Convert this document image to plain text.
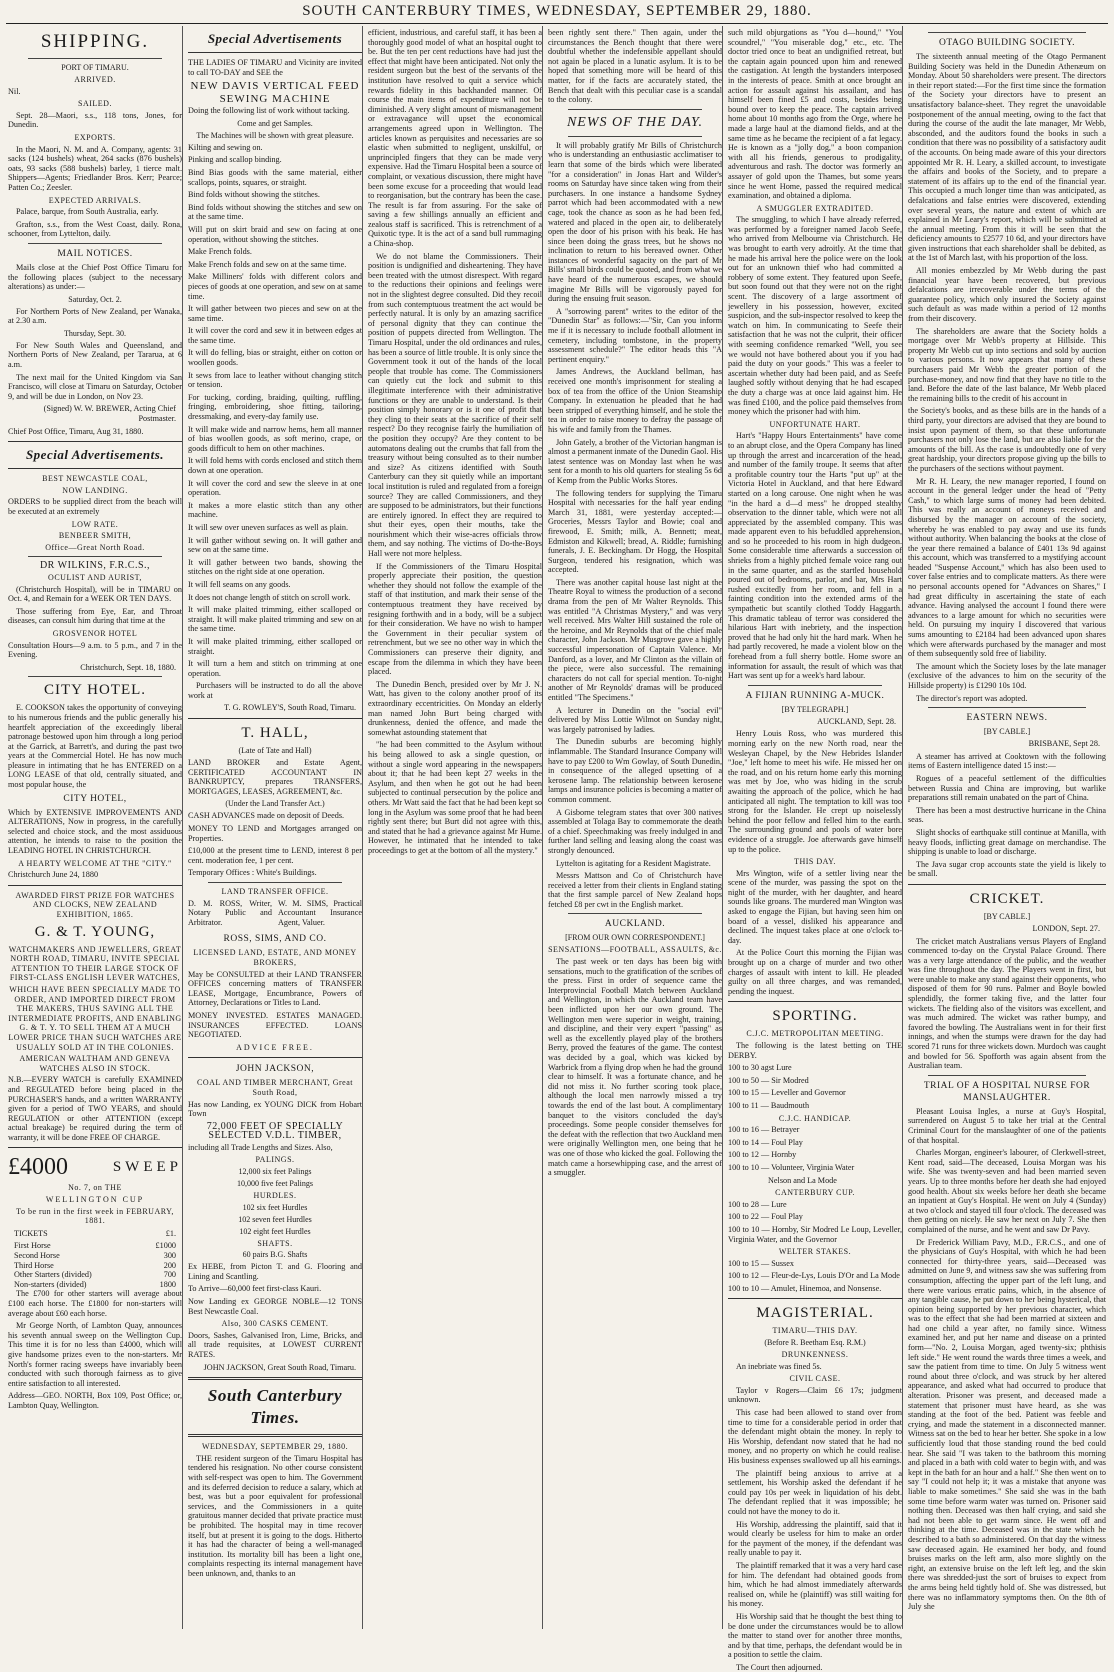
SOUTH CANTERBURY TIMES, WEDNESDAY, SEPTEMBER 29, 1880.
SHIPPING.
PORT OF TIMARU.
ARRIVED.

Nil.

SAILED.

Sept. 28—Maori, s.s., 118 tons, Jones, for Dunedin.

EXPORTS.

In the Maori, N. M. and A. Company, agents: 31 sacks (124 bushels) wheat, 264 sacks (876 bushels) oats, 93 sacks (588 bushels) barley, 1 tierce malt. Shippers—Agents; Friedlander Bros. Kerr; Pearce; Patten Co.; Zeesler.

EXPECTED ARRIVALS.

Palace, barque, from South Australia, early.

Grafton, s.s., from the West Coast, daily. Rona, schooner, from Lyttelton, daily.

MAIL NOTICES.

Mails close at the Chief Post Office Timaru for the following places (subject to the necessary alterations) as under:—

Saturday, Oct. 2.

For Northern Ports of New Zealand, per Wanaka, at 2.30 a.m.

Thursday, Sept. 30.

For New South Wales and Queensland, and Northern Ports of New Zealand, per Tararua, at 6 a.m.

The next mail for the United Kingdom via San Francisco, will close at Timaru on Saturday, October 9, and will be due in London, on Nov 23.

(Signed) W. W. BREWER, Acting Chief Postmaster.

Chief Post Office, Timaru, Aug 31, 1880.

Special Advertisements.
BEST NEWCASTLE COAL,
NOW LANDING.

ORDERS to be supplied direct from the beach will be executed at an extremely

LOW RATE.
BENBEER SMITH,
Office—Great North Road.
DR WILKINS, F.R.C.S.,
OCULIST AND AURIST,

(Christchurch Hospital), will be in TIMARU on Oct. 4, and Remain for a WEEK OR TEN DAYS.

Those suffering from Eye, Ear, and Throat diseases, can consult him during that time at the

GROSVENOR HOTEL

Consultation Hours—9 a.m. to 5 p.m., and 7 in the Evening.

Christchurch, Sept. 18, 1880.

CITY HOTEL.

E. COOKSON takes the opportunity of conveying to his numerous friends and the public generally his heartfelt appreciation of the exceedingly liberal patronage bestowed upon him through a long period at the Garrick, at Barrett's, and during the past two years at the Commercial Hotel. He has now much pleasure in intimating that he has ENTERED on a LONG LEASE of that old, centrally situated, and most popular house, the

CITY HOTEL,

Which by EXTENSIVE IMPROVEMENTS AND ALTERATIONS, Now in progress, in the carefully selected and choice stock, and the most assiduous attention, he intends to raise to the position the LEADING HOTEL IN CHRISTCHURCH.

A HEARTY WELCOME AT THE "CITY."

Christchurch June 24, 1880

AWARDED FIRST PRIZE FOR WATCHES AND CLOCKS, NEW ZEALAND EXHIBITION, 1865.
G. & T. YOUNG,
WATCHMAKERS AND JEWELLERS, GREAT NORTH ROAD, TIMARU, INVITE SPECIAL ATTENTION TO THEIR LARGE STOCK OF FIRST-CLASS ENGLISH LEVER WATCHES,
WHICH HAVE BEEN SPECIALLY MADE TO ORDER, AND IMPORTED DIRECT FROM THE MAKERS, THUS SAVING ALL THE INTERMEDIATE PROFITS, AND ENABLING G. & T. Y. TO SELL THEM AT A MUCH LOWER PRICE THAN SUCH WATCHES ARE USUALLY SOLD AT IN THE COLONIES.
AMERICAN WALTHAM AND GENEVA WATCHES ALSO IN STOCK.

N.B.—EVERY WATCH is carefully EXAMINED and REGULATED before being placed in the PURCHASER'S hands, and a written WARRANTY given for a period of TWO YEARS, and should REGULATION or other ATTENTION (except actual breakage) be required during the term of warranty, it will be done FREE OF CHARGE.

£4000	SWEEP
No. 7, on THE
WELLINGTON CUP
To be run in the first week in FEBRUARY, 1881.
TICKETS	£1.
First Horse	£1000
Second Horse	300
Third Horse	200
Other Starters (divided)	700
Non-starters (divided)	1800

The £700 for other starters will average about £100 each horse. The £1800 for non-starters will average about £60 each horse.

Mr George North, of Lambton Quay, announces his seventh annual sweep on the Wellington Cup. This time it is for no less than £4000, which will give handsome prizes even to the non-starters. Mr North's former racing sweeps have invariably been conducted with such thorough fairness as to give entire satisfaction to all interested.

Address—GEO. NORTH, Box 109, Post Office; or, Lambton Quay, Wellington.

Special Advertisements

THE LADIES OF TIMARU and Vicinity are invited to call TO-DAY and SEE the

NEW DAVIS VERTICAL FEED SEWING MACHINE

Doing the following list of work without tacking.

Come and get Samples.
The Machines will be shown with great pleasure.

Kilting and sewing on.

Pinking and scallop binding.

Bind Bias goods with the same material, either scallops, points, squares, or straight.

Bind folds without showing the stitches.

Bind folds without showing the stitches and sew on at the same time.

Will put on skirt braid and sew on facing at one operation, without showing the stitches.

Make French folds.

Make French folds and sew on at the same time.

Make Milliners' folds with different colors and pieces of goods at one operation, and sew on at same time.

It will gather between two pieces and sew on at the same time.

It will cover the cord and sew it in between edges at the same time.

It will do felling, bias or straight, either on cotton or woollen goods.

It sews from lace to leather without changing stitch or tension.

For tucking, cording, braiding, quilting, ruffling, fringing, embroidering, shoe fitting, tailoring, dressmaking, and every-day family use.

It will make wide and narrow hems, hem all manner of bias woollen goods, as soft merino, crape, or goods difficult to hem on other machines.

It will fold hems with cords enclosed and stitch them down at one operation.

It will cover the cord and sew the sleeve in at one operation.

It makes a more elastic stitch than any other machine.

It will sew over uneven surfaces as well as plain.

It will gather without sewing on. It will gather and sew on at the same time.

It will gather between two bands, showing the stitches on the right side at one operation.

It will fell seams on any goods.

It does not change length of stitch on scroll work.

It will make plaited trimming, either scalloped or straight. It will make plaited trimming and sew on at the same time.

It will make plaited trimming, either scalloped or straight.

It will turn a hem and stitch on trimming at one operation.

Purchasers will be instructed to do all the above work at

T. G. ROWLEY'S, South Road, Timaru.

T. HALL,
(Late of Tate and Hall)

LAND BROKER and Estate Agent, CERTIFICATED ACCOUNTANT IN BANKRUPTCY, prepares TRANSFERS, MORTGAGES, LEASES, AGREEMENT, &c.

(Under the Land Transfer Act.)

CASH ADVANCES made on deposit of Deeds.

MONEY TO LEND and Mortgages arranged on Properties.

£10,000 at the present time to LEND, interest 8 per cent. moderation fee, 1 per cent.

Temporary Offices : White's Buildings.

LAND TRANSFER OFFICE.

D. M. ROSS, Writer, Notary Public and Arbitrator.

W. M. SIMS, Practical Accountant Insurance Agent, Valuer.

ROSS, SIMS, AND CO.
LICENSED LAND, ESTATE, AND MONEY BROKERS,

May be CONSULTED at their LAND TRANSFER OFFICES concerning matters of TRANSFER LEASE, Mortgage, Encumbrance, Powers of Attorney, Declarations or Titles to Land.

MONEY INVESTED. ESTATES MANAGED. INSURANCES EFFECTED. LOANS NEGOTIATED.

ADVICE FREE.
JOHN JACKSON,
COAL AND TIMBER MERCHANT, Great South Road,

Has now Landing, ex YOUNG DICK from Hobart Town

72,000 FEET OF SPECIALLY SELECTED V.D.L. TIMBER,

including all Trade Lengths and Sizes. Also,

PALINGS.
12,000 six feet Palings
10,000 five feet Palings
HURDLES.
102 six feet Hurdles
102 seven feet Hurdles
102 eight feet Hurdles
SHAFTS.
60 pairs B.G. Shafts

Ex HEBE, from Picton T. and G. Flooring and Lining and Scantling.

To Arrive—60,000 feet first-class Kauri.

Now Landing ex GEORGE NOBLE—12 TONS Best Newcastle Coal.

Also, 300 CASKS CEMENT.

Doors, Sashes, Galvanised Iron, Lime, Bricks, and all trade requisites, at LOWEST CURRENT RATES.

JOHN JACKSON, Great South Road, Timaru.

South Canterbury Times.
WEDNESDAY, SEPTEMBER 29, 1880.

THE resident surgeon of the Timaru Hospital has tendered his resignation. No other course consistent with self-respect was open to him. The Government and its deferred decision to reduce a salary, which at best, was but a poor equivalent for professional services, and the Commissioners in a quite gratuitous manner decided that private practice must be prohibited. The hospital may in time recover itself, but at present it is going to the dogs. Hitherto it has had the character of being a well-managed institution. Its mortality bill has been a light one, complaints respecting its internal management have been unknown, and, thanks to an

efficient, industrious, and careful staff, it has been a thoroughly good model of what an hospital ought to be. But the ten per cent reductions have had just the effect that might have been anticipated. Not only the resident surgeon but the best of the servants of the institution have resolved to quit a service which rewards fidelity in this backhanded manner. Of course the main items of expenditure will not be diminished. A very slight amount of mismanagement or extravagance will upset the economical arrangements agreed upon in Wellington. The articles known as perquisites and necessaries are so elastic when submitted to negligent, unskilful, or unprincipled fingers that they can be made very expensive. Had the Timaru Hospital been a source of complaint, or vexatious discussion, there might have been some excuse for a proceeding that would lead to reorganisation, but the contrary has been the case. The result is far from assuring. For the sake of saving a few shillings annually an efficient and zealous staff is sacrificed. This is retrenchment of a Quixotic type. It is the act of a sand bull rummaging a China-shop.

We do not blame the Commissioners. Their position is undignified and disheartening. They have been treated with the utmost disrespect. With regard to the reductions their opinions and feelings were not in the slightest degree consulted. Did they recoil from such contemptuous treatment the act would be perfectly natural. It is only by an amazing sacrifice of personal dignity that they can continue the position of puppets directed from Wellington. The Timaru Hospital, under the old ordinances and rules, has been a source of little trouble. It is only since the Government took it out of the hands of the local people that trouble has come. The Commissioners can quietly cut the lock and submit to this illegitimate interference with their administrative functions or they are unable to understand. Is their position simply honorary or is it one of profit that they cling to their seats at the sacrifice of their self respect? Do they recognise fairly the humiliation of the position they occupy? Are they content to be automatons dealing out the crumbs that fall from the treasury without being consulted as to their number and size? As citizens identified with South Canterbury can they sit quietly while an important local institution is ruled and regulated from a foreign source? They are called Commissioners, and they are supposed to be administrators, but their functions are entirely ignored. In effect they are required to shut their eyes, open their mouths, take the nourishment which their wise-acres officials throw them, and say nothing. The victims of Do-the-Boys Hall were not more helpless.

If the Commissioners of the Timaru Hospital properly appreciate their position, the question whether they should not follow the example of the staff of that institution, and mark their sense of the contemptuous treatment they have received by resigning forthwith and in a body, will be a subject for their consideration. We have no wish to hamper the Government in their peculiar system of retrenchment, but we see no other way in which the Commissioners can preserve their dignity, and escape from the dilemma in which they have been placed.

The Dunedin Bench, presided over by Mr J. N. Watt, has given to the colony another proof of its extraordinary eccentricities. On Monday an elderly man named John Burt being charged with drunkenness, denied the offence, and made the somewhat astounding statement that

"he had been committed to the Asylum without his being allowed to ask a single question, or without a single word appearing in the newspapers about it; that he had been kept 27 weeks in the Asylum, and then when he got out he had been subjected to continual persecution by the police and others. Mr Watt said the fact that he had been kept so long in the Asylum was some proof that he had been rightly sent there; but Burt did not agree with this, and stated that he had a grievance against Mr Hume. However, he intimated that he intended to take proceedings to get at the bottom of all the mystery."

been rightly sent there." Then again, under the circumstances the Bench thought that there were doubtful whether the indefensible appellant should not again be placed in a lunatic asylum. It is to be hoped that something more will be heard of this matter, for if the facts are accurately stated, the Bench that dealt with this peculiar case is a scandal to the colony.

NEWS OF THE DAY.

It will probably gratify Mr Bills of Christchurch who is understanding an enthusiastic acclimatiser to learn that some of the birds which were liberated "for a consideration" in Jonas Hart and Wilder's rooms on Saturday have since taken wing from their purchasers. In one instance a handsome Sydney parrot which had been accommodated with a new cage, took the chance as soon as he had been fed, watered and placed in the open air, to deliberately open the door of his prison with his beak. He has since been doing the grass trees, but he shows no inclination to return to his bereaved owner. Other instances of wonderful sagacity on the part of Mr Bills' small birds could be quoted, and from what we have heard of the numerous escapes, we should imagine Mr Bills will be vigorously payed for during the ensuing fruit season.

A "sorrowing parent" writes to the editor of the "Dunedin Star" as follows:—"Sir, Can you inform me if it is necessary to include football allotment in cemetery, including tombstone, in the property assessment schedule?" The editor heads this "A pertinent enquiry."

James Andrews, the Auckland bellman, has received one month's imprisonment for stealing a box of tea from the office of the Union Steamship Company. In extenuation he pleaded that he had been stripped of everything himself, and he stole the tea in order to raise money to defray the passage of his wife and family from the Thames.

John Gately, a brother of the Victorian hangman is almost a permanent inmate of the Dunedin Gaol. His latest sentence was on Monday last when he was sent for a month to his old quarters for stealing 5s 6d of Kemp from the Public Works Stores.

The following tenders for supplying the Timaru Hospital with necessaries for the half year ending March 31, 1881, were yesterday accepted:—Groceries, Messrs Taylor and Bowie; coal and firewood, E. Smith; milk, A. Bennett; meat, Edmiston and Kikwell; bread, A. Riddle; furnishing funerals, J. E. Beckingham. Dr Hogg, the Hospital Surgeon, tendered his resignation, which was accepted.

There was another capital house last night at the Theatre Royal to witness the production of a second drama from the pen of Mr Walter Reynolds. This was entitled "A Christmas Mystery," and was very well received. Mrs Walter Hill sustained the role of the heroine, and Mr Reynolds that of the chief male character, John Jackson. Mr Musgrove gave a highly successful impersonation of Captain Valence. Mr Danford, as a lover, and Mr Clinton as the villain of the piece, were also successful. The remaining characters do not call for special mention. To-night another of Mr Reynolds' dramas will be produced entitled "The Specimens."

A lecturer in Dunedin on the "social evil" delivered by Miss Lottie Wilmot on Sunday night, was largely patronised by ladies.

The Dunedin suburbs are becoming highly inflammable. The Standard Insurance Company will have to pay £200 to Wm Gowlay, of South Dunedin, in consequence of the alleged upsetting of a kerosene lamp. The relationship between kerosene lamps and insurance policies is becoming a matter of common comment.

A Gisborne telegram states that over 300 natives assembled at Tolaga Bay to commemorate the death of a chief. Speechmaking was freely indulged in and further land selling and leasing along the coast was strongly denounced.

Lyttelton is agitating for a Resident Magistrate.

Messrs Mattson and Co of Christchurch have received a letter from their clients in England stating that the first sample parcel of New Zealand hops fetched £8 per cwt in the English market.

AUCKLAND.
[FROM OUR OWN CORRESPONDENT.]
SENSATIONS—FOOTBALL, ASSAULTS, &c.

The past week or ten days has been big with sensations, much to the gratification of the scribes of the press. First in order of sequence came the Interprovincial Football Match between Auckland and Wellington, in which the Auckland team have been inflicted upon her our own ground. The Wellington men were superior in weight, training, and discipline, and their very expert "passing" as well as the excellently played play of the brothers Berry, proved the features of the game. The contest was decided by a goal, which was kicked by Warbrick from a flying drop when he had the ground clear to himself. It was a fortunate chance, and he did not miss it. No further scoring took place, although the local men narrowly missed a try towards the end of the last bout. A complimentary banquet to the visitors concluded the day's proceedings. Some people consider themselves for the defeat with the reflection that two Auckland men were originally Wellington men, one being that he was one of those who kicked the goal. Following the match came a horsewhipping case, and the arrest of a smuggler.

such mild objurgations as "You d—hound," "You scoundrel," "You miserable dog," etc., etc. The doctor tried once to beat an undignified retreat, but the captain again pounced upon him and renewed the castigation. At length the bystanders interposed in the interests of peace. Smith at once brought an action for assault against his assailant, and has himself been fined £5 and costs, besides being bound over to keep the peace. The captain arrived home about 10 months ago from the Orge, where he made a large haul at the diamond fields, and at the same time as he became the recipient of a fat legacy. He is known as a "jolly dog," a boon companion with all his friends, generous to prodigality, adventurous and rash. The doctor was formerly an assayer of gold upon the Thames, but some years since he went Home, passed the required medical examination, and obtained a diploma.

A SMUGGLER EXTRADITED.

The smuggling, to which I have already referred, was performed by a foreigner named Jacob Seefe, who arrived from Melbourne via Christchurch. He was brought to earth very adroitly. At the time that he made his arrival here the police were on the look out for an unknown thief who had committed a robbery of some extent. They featured upon Seefe, but soon found out that they were not on the right scent. The discovery of a large assortment of jewellery in his possession, however, excited suspicion, and the sub-inspector resolved to keep the watch on him. In communicating to Seefe their satisfaction that he was not the culprit, their officer with seeming confidence remarked "Well, you see we would not have bothered about you if you had paid the duty on your goods." This was a feeler to ascertain whether duty had been paid, and as Seefe laughed softly without denying that he had escaped the duty a charge was at once laid against him. He was fined £100, and the police paid themselves from money which the prisoner had with him.

UNFORTUNATE HART.

Hart's "Happy Hours Entertainments" have come to an abrupt close, and the Opera Company has lined up through the arrest and incarceration of the head, and number of the family troupe. It seems that after a profitable country tour the Harts "put up" at the Victoria Hotel in Auckland, and that here Edward started on a long carouse. One night when he was "in the hard a d—d mess" he dropped stealthy observation to the dinner table, which were not all appreciated by the assembled company. This was made apparent even to his befuddled apprehension, and so he proceeded to his room in high dudgeon. Some considerable time afterwards a succession of shrieks from a highly pitched female voice rang out in the same quarter, and as the startled household poured out of bedrooms, parlor, and bar, Mrs Hart rushed excitedly from her room, and fell in a fainting condition into the extended arms of the sympathetic but scantily clothed Toddy Haggarth. This dramatic tableau of terror was considered the hilarious Hart with inebriety, and the inspection proved that he had only hit the hard mark. When he had partly recovered, he made a violent blow on the forehead from a full sherry bottle. Home swore an information for assault, the result of which was that Hart was sent up for a week's hard labour.

A FIJIAN RUNNING A-MUCK.
[BY TELEGRAPH.]

AUCKLAND, Sept. 28.

Henry Louis Ross, who was murdered this morning early on the new North road, near the Wesleyan Chapel, by the New Hebrides Islander "Joe," left home to meet his wife. He missed her on the road, and on his return home early this morning was met by Joe, who was hiding in the scrub awaiting the approach of the police, which he had anticipated all night. The temptation to kill was too strong for the Islander. He crept up noiselessly behind the poor fellow and felled him to the earth. The surrounding ground and pools of water bore evidence of a struggle. Joe afterwards gave himself up to the police.

THIS DAY.

Mrs Wington, wife of a settler living near the scene of the murder, was passing the spot on the night of the murder, with her daughter, and heard sounds like groans. The murdered man Wington was asked to engage the Fijian, but having seen him on board of a vessel, disliked his appearance and declined. The inquest takes place at one o'clock to-day.

At the Police Court this morning the Fijian was brought up on a charge of murder and two other charges of assault with intent to kill. He pleaded guilty on all three charges, and was remanded, pending the inquest.

SPORTING.
C.J.C. METROPOLITAN MEETING.

The following is the latest betting on THE DERBY.

100 to 30 agst Lure

100 to 50 — Sir Modred

100 to 15 — Leveller and Governor

100 to 11 — Baudmouth

C.J.C. HANDICAP.

100 to 16 — Betrayer

100 to 14 — Foul Play

100 to 12 — Hornby

100 to 10 — Volunteer, Virginia Water

Nelson and La Mode

CANTERBURY CUP.

100 to 28 — Lure

100 to 22 — Foul Play

100 to 10 — Hornby, Sir Modred Le Loup, Leveller, Virginia Water, and the Governor

WELTER STAKES.

100 to 15 — Sussex

100 to 12 — Fleur-de-Lys, Louis D'Or and La Mode

100 to 10 — Amulet, Hinemoa, and Nonsense.

MAGISTERIAL.
TIMARU—THIS DAY.
(Before R. Beetham Esq. R.M.)
DRUNKENNESS.

An inebriate was fined 5s.

CIVIL CASE.

Taylor v Rogers—Claim £6 17s; judgment unknown.

This case had been allowed to stand over from time to time for a considerable period in order that the defendant might obtain the money. In reply to His Worship, defendant now stated that he had no money, and no property on which he could realise. His business expenses swallowed up all his earnings.

The plaintiff being anxious to arrive at a settlement, his Worship asked the defendant if he could pay 10s per week in liquidation of his debt. The defendant replied that it was impossible; he could not have the money to do it.

His Worship, addressing the plaintiff, said that it would clearly be useless for him to make an order for the payment of the money, if the defendant was really unable to pay it.

The plaintiff remarked that it was a very hard case for him. The defendant had obtained goods from him, which he had almost immediately afterwards realised on, while he (plaintiff) was still waiting for his money.

His Worship said that he thought the best thing to be done under the circumstances would be to allow the matter to stand over for another three months, and by that time, perhaps, the defendant would be in a position to settle the claim.

The Court then adjourned.

OTAGO BUILDING SOCIETY.

The sixteenth annual meeting of the Otago Permanent Building Society was held in the Dunedin Athenæum on Monday. About 50 shareholders were present. The directors in their report stated:—For the first time since the formation of the Society your directors have to present an unsatisfactory balance-sheet. They regret the unavoidable postponement of the annual meeting, owing to the fact that during the course of the audit the late manager, Mr Webb, absconded, and the auditors found the books in such a condition that there was no possibility of a satisfactory audit of the accounts. On being made aware of this your directors appointed Mr R. H. Leary, a skilled account, to investigate the affairs and books of the Society, and to prepare a statement of its affairs up to the end of the financial year. This occupied a much longer time than was anticipated, as defalcations and false entries were discovered, extending over several years, the nature and extent of which are explained in Mr Leary's report, which will be submitted at the annual meeting. From this it will be seen that the deficiency amounts to £2577 10 6d, and your directors have given instructions that each shareholder shall be debited, as at the 1st of March last, with his proportion of the loss.

All monies embezzled by Mr Webb during the past financial year have been recovered, but previous defalcations are irrecoverable under the terms of the guarantee policy, which only insured the Society against such default as was made within a period of 12 months from their discovery.

The shareholders are aware that the Society holds a mortgage over Mr Webb's property at Hillside. This property Mr Webb cut up into sections and sold by auction to various persons. It now appears that many of these purchasers paid Mr Webb the greater portion of the purchase-money, and now find that they have no title to the land. Before the date of the last balance, Mr Webb placed the remaining bills to the credit of his account in

the Society's books, and as these bills are in the hands of a third party, your directors are advised that they are bound to insist upon payment of them, so that these unfortunate purchasers not only lose the land, but are also liable for the amounts of the bill. As the case is undoubtedly one of very great hardship, your directors propose giving up the bills to the purchasers of the sections without payment.

Mr R. H. Leary, the new manager reported, I found on account in the general ledger under the head of "Petty Cash," to which large sums of money had been debited. This was really an account of moneys received and disbursed by the manager on account of the society, whereby he was enabled to pay away and use its funds without authority. When balancing the books at the close of the year there remained a balance of £401 13s 9d against this account, which was transferred to a mystifying account headed "Suspense Account," which has also been used to cover false entries and to complicate matters. As there were no personal accounts opened for "Advances on Shares," I had great difficulty in ascertaining the state of each advance. Having analysed the account I found there were advances to a large amount for which no securities were held. On pursuing my inquiry I discovered that various sums amounting to £2184 had been advanced upon shares which were afterwards purchased by the manager and most of them subsequently sold free of liability.

The amount which the Society loses by the late manager (exclusive of the advances to him on the security of the Hillside property) is £1290 10s 10d.

The director's report was adopted.

EASTERN NEWS.
[BY CABLE.]

BRISBANE, Sept 28.

A steamer has arrived at Cooktown with the following items of Eastern intelligence dated 15 inst:—

Rogues of a peaceful settlement of the difficulties between Russia and China are improving, but warlike preparations still remain unabated on the part of China.

There has been a most destructive hurricane in the China seas.

Slight shocks of earthquake still continue at Manilla, with heavy floods, inflicting great damage on merchandise. The shipping is unable to load or discharge.

The Java sugar crop accounts state the yield is likely to be small.

CRICKET.
[BY CABLE.]

LONDON, Sept. 27.

The cricket match Australians versus Players of England commenced to-day on the Crystal Palace Ground. There was a very large attendance of the public, and the weather was fine throughout the day. The Players went in first, but were unable to make any stand against their opponents, who disposed of them for 90 runs. Palmer and Boyle bowled splendidly, the former taking five, and the latter four wickets. The fielding also of the visitors was excellent, and was much admired. The wicket was rather bumpy, and favored the bowling. The Australians went in for their first innings, and when the stumps were drawn for the day had scored 71 runs for three wickets down. Murdoch was caught and bowled for 56. Spofforth was again absent from the Australian team.

TRIAL OF A HOSPITAL NURSE FOR MANSLAUGHTER.

Pleasant Louisa Ingles, a nurse at Guy's Hospital, surrendered on August 5 to take her trial at the Central Criminal Court for the manslaughter of one of the patients of that hospital.

Charles Morgan, engineer's labourer, of Clerkwell-street, Kent road, said—The deceased, Louisa Morgan was his wife. She was twenty-seven and had been married seven years. Up to three months before her death she had enjoyed good health. About six weeks before her death she became an inpatient at Guy's Hospital. He went on July 4 (Sunday) at two o'clock and stayed till four o'clock. The deceased was then getting on nicely. He saw her next on July 7. She then complained of the nurse, and he went and saw Dr Pavy.

Dr Frederick William Pavy, M.D., F.R.C.S., and one of the physicians of Guy's Hospital, with which he had been connected for thirty-three years, said—Deceased was admitted on June 9, and witness saw she was suffering from consumption, affecting the upper part of the left lung, and there were various erratic pains, which, in the absence of any tangible cause, he put down to her being hysterical, that opinion being supported by her previous character, which was to the effect that she had been married at sixteen and had one child a year after, no family since. Witness examined her, and put her name and disease on a printed form—"No. 2, Louisa Morgan, aged twenty-six; phthisis left side." He went round the wards three times a week, and saw the patient from time to time. On July 5 witness went round about three o'clock, and was struck by her altered appearance, and asked what had occurred to produce that alteration. Prisoner was present, and deceased made a statement that prisoner must have heard, as she was standing at the foot of the bed. Patient was feeble and crying, and made the statement in a disconnected manner. Witness sat on the bed to hear her better. She spoke in a low sufficiently loud that those standing round the bed could hear. She said "I was taken to the bathroom this morning and placed in a bath with cold water to begin with, and was kept in the bath for an hour and a half." She then went on to say "I could not help it; it was a mistake that anyone was liable to make sometimes." She said she was in the bath some time before warm water was turned on. Prisoner said nothing then. Deceased was then half crying, and said she had not been able to get warm since. He went off and thinking at the time. Deceased was in the state which he described to a bath so administered. On that day the witness saw deceased again. He examined her body, and found bruises marks on the left arm, also more slightly on the right, an extensive bruise on the left left leg, and the skin there was shredded-just the sort of bruises to expect from the arms being held tightly hold of. She was distressed, but there was no inflammatory symptoms then. On the 8th of July she
